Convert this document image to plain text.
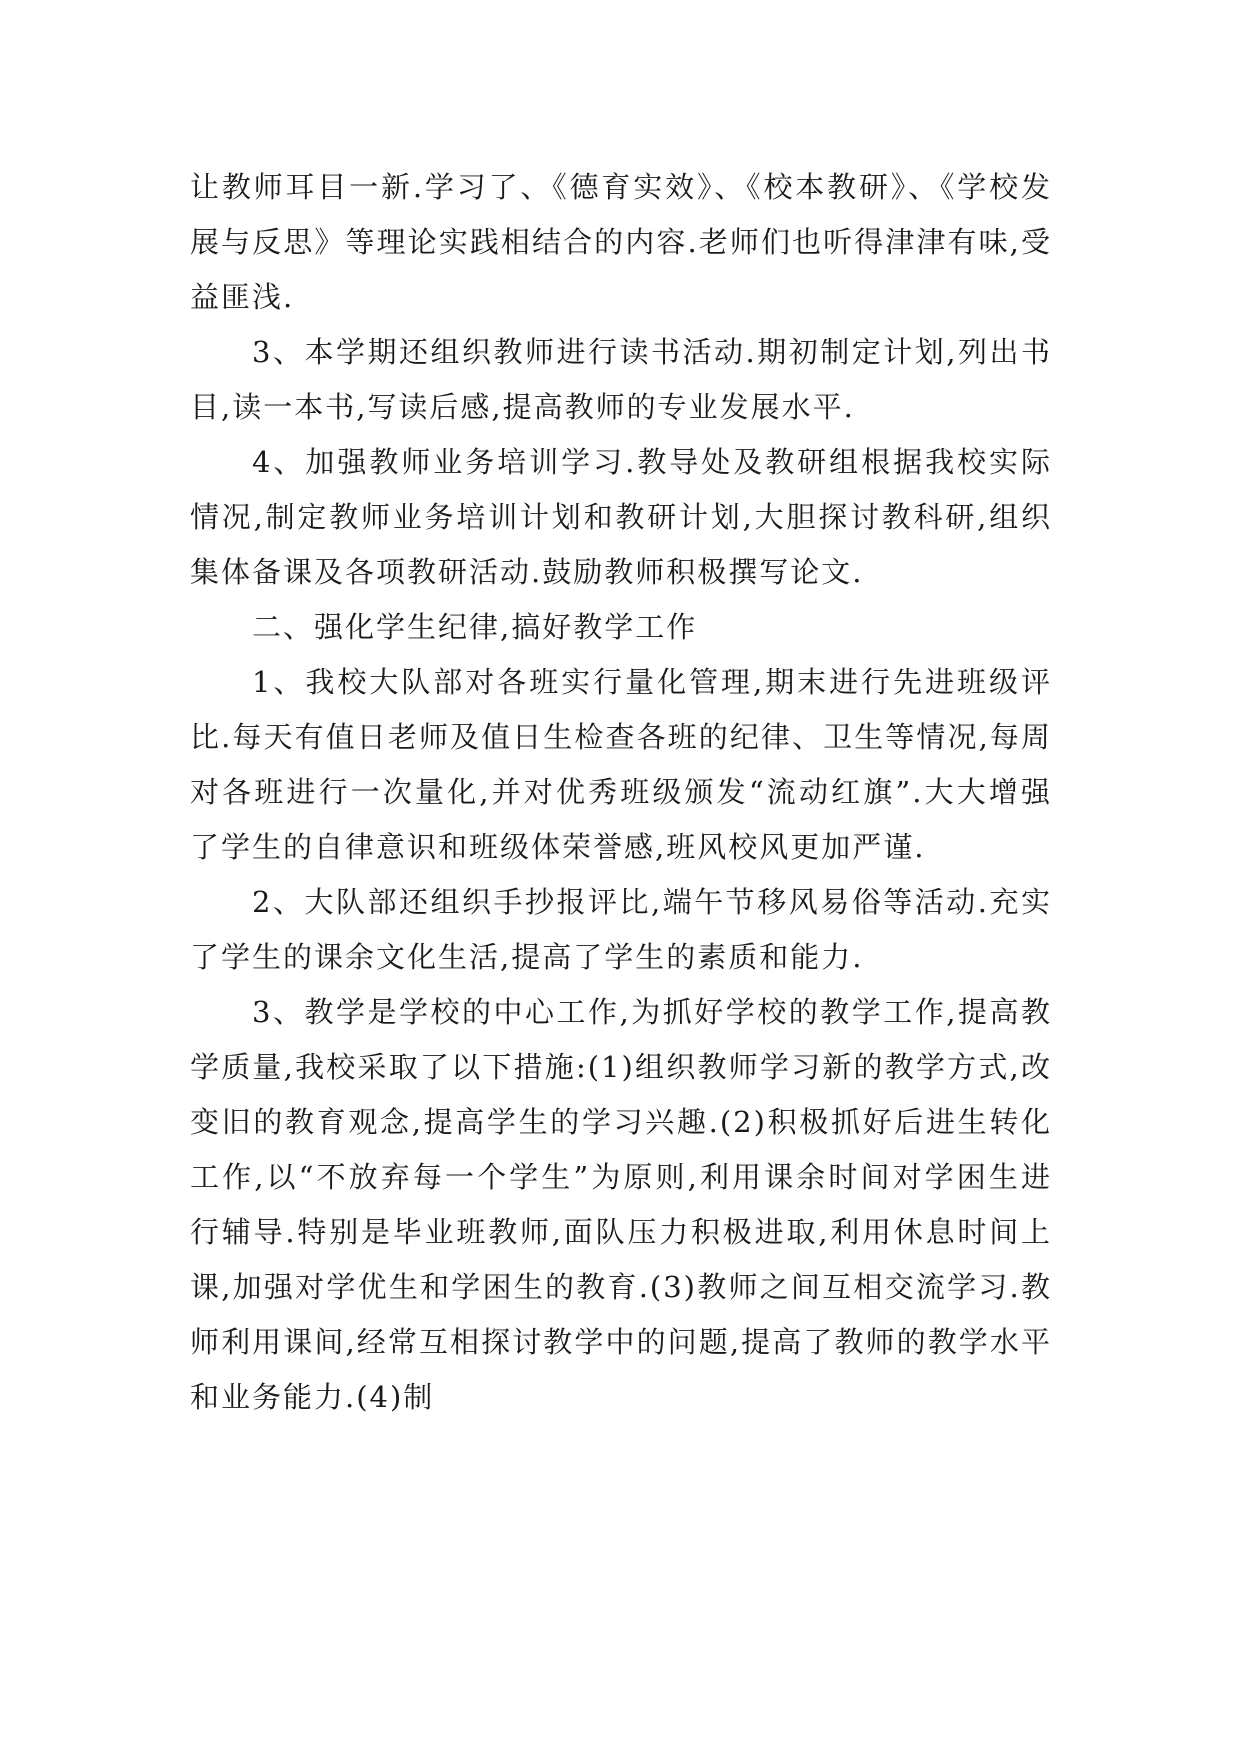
让教师耳目一新.学习了、《德育实效》、《校本教研》、《学校发展与反思》等理论实践相结合的内容.老师们也听得津津有味,受益匪浅.

3、本学期还组织教师进行读书活动.期初制定计划,列出书目,读一本书,写读后感,提高教师的专业发展水平.

4、加强教师业务培训学习.教导处及教研组根据我校实际情况,制定教师业务培训计划和教研计划,大胆探讨教科研,组织集体备课及各项教研活动.鼓励教师积极撰写论文.

二、强化学生纪律,搞好教学工作

1、我校大队部对各班实行量化管理,期末进行先进班级评比.每天有值日老师及值日生检查各班的纪律、卫生等情况,每周对各班进行一次量化,并对优秀班级颁发“流动红旗”.大大增强了学生的自律意识和班级体荣誉感,班风校风更加严谨.

2、大队部还组织手抄报评比,端午节移风易俗等活动.充实了学生的课余文化生活,提高了学生的素质和能力.

3、教学是学校的中心工作,为抓好学校的教学工作,提高教学质量,我校采取了以下措施:(1)组织教师学习新的教学方式,改变旧的教育观念,提高学生的学习兴趣.(2)积极抓好后进生转化工作,以“不放弃每一个学生”为原则,利用课余时间对学困生进行辅导.特别是毕业班教师,面队压力积极进取,利用休息时间上课,加强对学优生和学困生的教育.(3)教师之间互相交流学习.教师利用课间,经常互相探讨教学中的问题,提高了教师的教学水平和业务能力.(4)制
